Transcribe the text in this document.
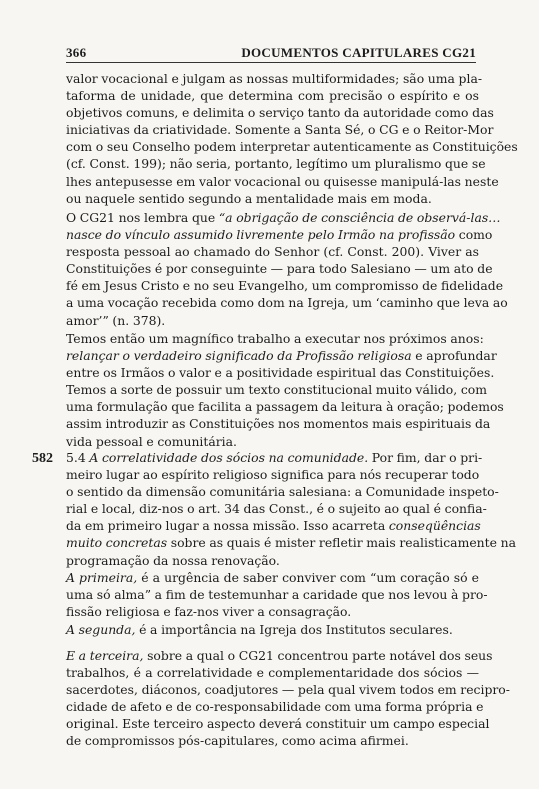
366	DOCUMENTOS CAPITULARES CG21
valor vocacional e julgam as nossas multiformidades; são uma pla-
taforma de unidade, que determina com precisão o espírito e os
objetivos comuns, e delimita o serviço tanto da autoridade como das
iniciativas da criatividade. Somente a Santa Sé, o CG e o Reitor-Mor
com o seu Conselho podem interpretar autenticamente as Constituições
(cf. Const. 199); não seria, portanto, legítimo um pluralismo que se
lhes antepusesse em valor vocacional ou quisesse manipulá-las neste
ou naquele sentido segundo a mentalidade mais em moda.
O CG21 nos lembra que “a obrigação de consciência de observá-las…
nasce do vínculo assumido livremente pelo Irmão na profissão como
resposta pessoal ao chamado do Senhor (cf. Const. 200). Viver as
Constituições é por conseguinte — para todo Salesiano — um ato de
fé em Jesus Cristo e no seu Evangelho, um compromisso de fidelidade
a uma vocação recebida como dom na Igreja, um ‘caminho que leva ao
amor’” (n. 378).
Temos então um magnífico trabalho a executar nos próximos anos:
relançar o verdadeiro significado da Profissão religiosa e aprofundar
entre os Irmãos o valor e a positividade espiritual das Constituições.
Temos a sorte de possuir um texto constitucional muito válido, com
uma formulação que facilita a passagem da leitura à oração; podemos
assim introduzir as Constituições nos momentos mais espirituais da
vida pessoal e comunitária.
582 5.4 A correlatividade dos sócios na comunidade. Por fim, dar o pri-
meiro lugar ao espírito religioso significa para nós recuperar todo
o sentido da dimensão comunitária salesiana: a Comunidade inspeto-
rial e local, diz-nos o art. 34 das Const., é o sujeito ao qual é confia-
da em primeiro lugar a nossa missão. Isso acarreta conseqüências
muito concretas sobre as quais é mister refletir mais realisticamente na
programação da nossa renovação.
A primeira, é a urgência de saber conviver com “um coração só e
uma só alma” a fim de testemunhar a caridade que nos levou à pro-
fissão religiosa e faz-nos viver a consagração.
A segunda, é a importância na Igreja dos Institutos seculares.
E a terceira, sobre a qual o CG21 concentrou parte notável dos seus
trabalhos, é a correlatividade e complementaridade dos sócios —
sacerdotes, diáconos, coadjutores — pela qual vivem todos em recipro-
cidade de afeto e de co-responsabilidade com uma forma própria e
original. Este terceiro aspecto deverá constituir um campo especial
de compromissos pós-capitulares, como acima afirmei.
